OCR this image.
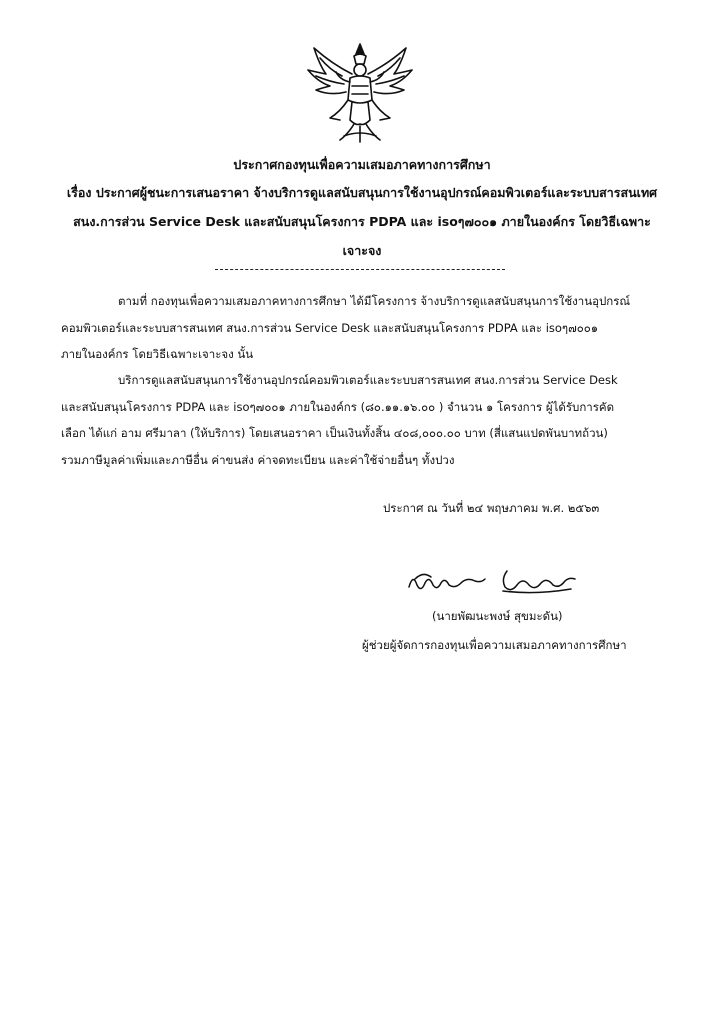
ประกาศกองทุนเพื่อความเสมอภาคทางการศึกษา
เรื่อง ประกาศผู้ชนะการเสนอราคา จ้างบริการดูแลสนับสนุนการใช้งานอุปกรณ์คอมพิวเตอร์และระบบสารสนเทศ
สนง.การส่วน Service Desk และสนับสนุนโครงการ PDPA และ isoๆ๗๐๐๑ ภายในองค์กร โดยวิธีเฉพาะ
เจาะจง
ตามที่ กองทุนเพื่อความเสมอภาคทางการศึกษา ได้มีโครงการ จ้างบริการดูแลสนับสนุนการใช้งานอุปกรณ์
คอมพิวเตอร์และระบบสารสนเทศ สนง.การส่วน Service Desk และสนับสนุนโครงการ PDPA และ isoๆ๗๐๐๑
ภายในองค์กร โดยวิธีเฉพาะเจาะจง นั้น
บริการดูแลสนับสนุนการใช้งานอุปกรณ์คอมพิวเตอร์และระบบสารสนเทศ สนง.การส่วน Service Desk
และสนับสนุนโครงการ PDPA และ isoๆ๗๐๐๑ ภายในองค์กร (๘๐.๑๑.๑๖.๐๐ ) จำนวน ๑ โครงการ ผู้ได้รับการคัด
เลือก ได้แก่ อาม ศรีมาลา (ให้บริการ) โดยเสนอราคา เป็นเงินทั้งสิ้น ๔๐๘,๐๐๐.๐๐ บาท (สี่แสนแปดพันบาทถ้วน)
รวมภาษีมูลค่าเพิ่มและภาษีอื่น ค่าขนส่ง ค่าจดทะเบียน และค่าใช้จ่ายอื่นๆ ทั้งปวง
ประกาศ ณ วันที่ ๒๔ พฤษภาคม พ.ศ. ๒๕๖๓
(นายพัฒนะพงษ์ สุขมะดัน)
ผู้ช่วยผู้จัดการกองทุนเพื่อความเสมอภาคทางการศึกษา
